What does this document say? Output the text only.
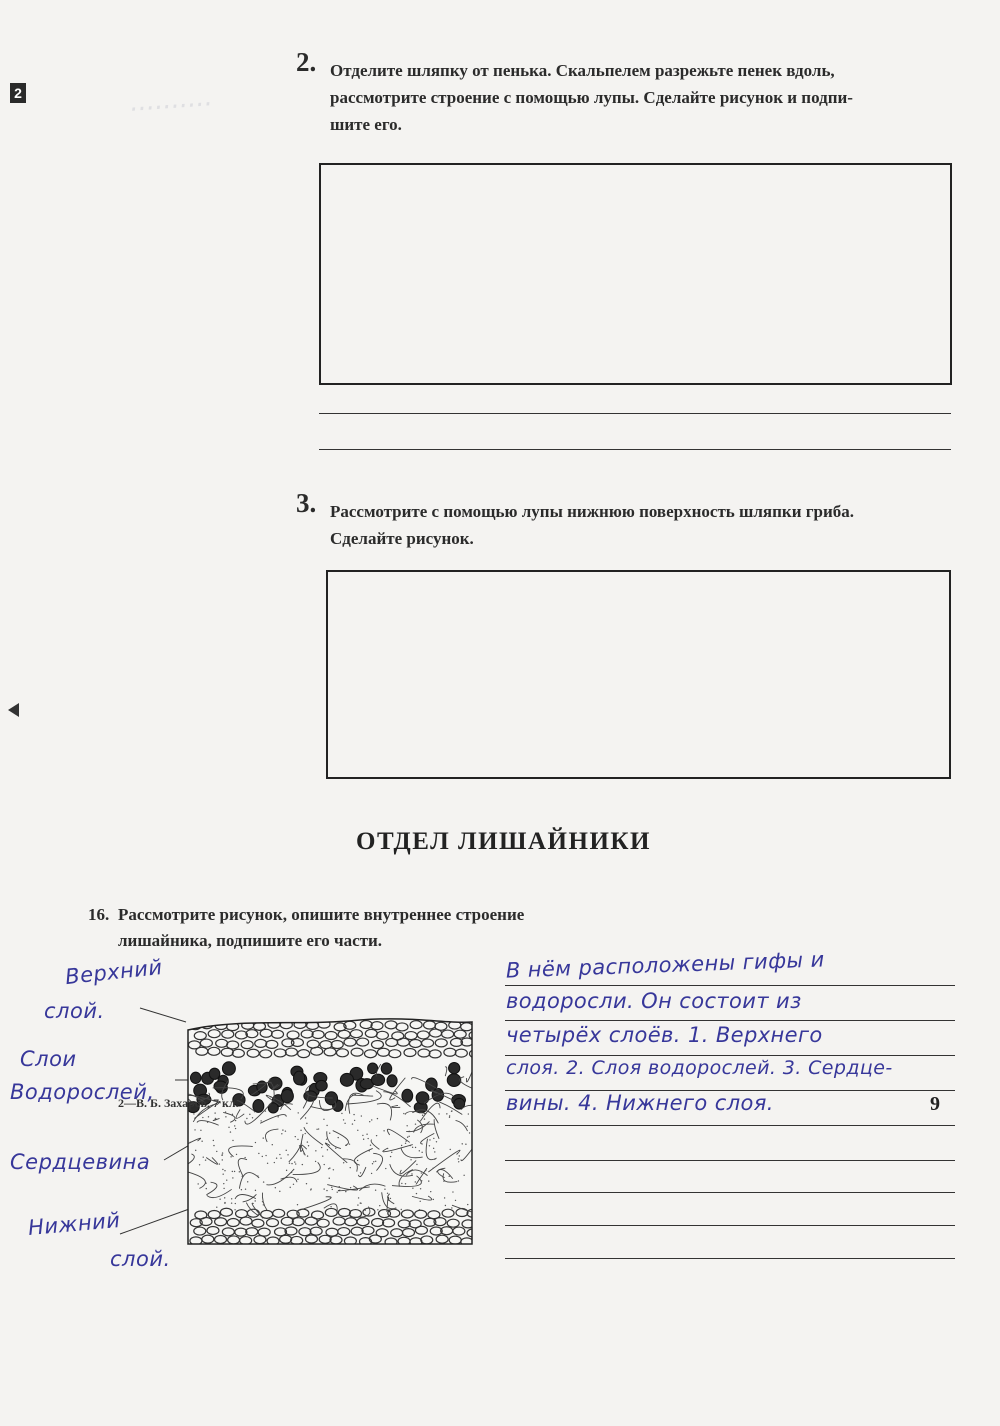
..........
2
2. Отделите шляпку от пенька. Скальпелем разрежьте пенек вдоль,
рассмотрите строение с помощью лупы. Сделайте рисунок и подпи-
шите его.
3. Рассмотрите с помощью лупы нижнюю поверхность шляпки гриба.
Сделайте рисунок.
ОТДЕЛ ЛИШАЙНИКИ
16. Рассмотрите рисунок, опишите внутреннее строение
лишайника, подпишите его части.
Верхний
слой.
Слои
Водорослей,
Сердцевина
Нижний
слой.
В нём расположены гифы и
водоросли. Он состоит из
четырёх слоёв. 1. Верхнего
слоя. 2. Слоя водорослей. 3. Сердце-
вины. 4. Нижнего слоя.
2—В. Б. Захаров, 7 кл.	9
